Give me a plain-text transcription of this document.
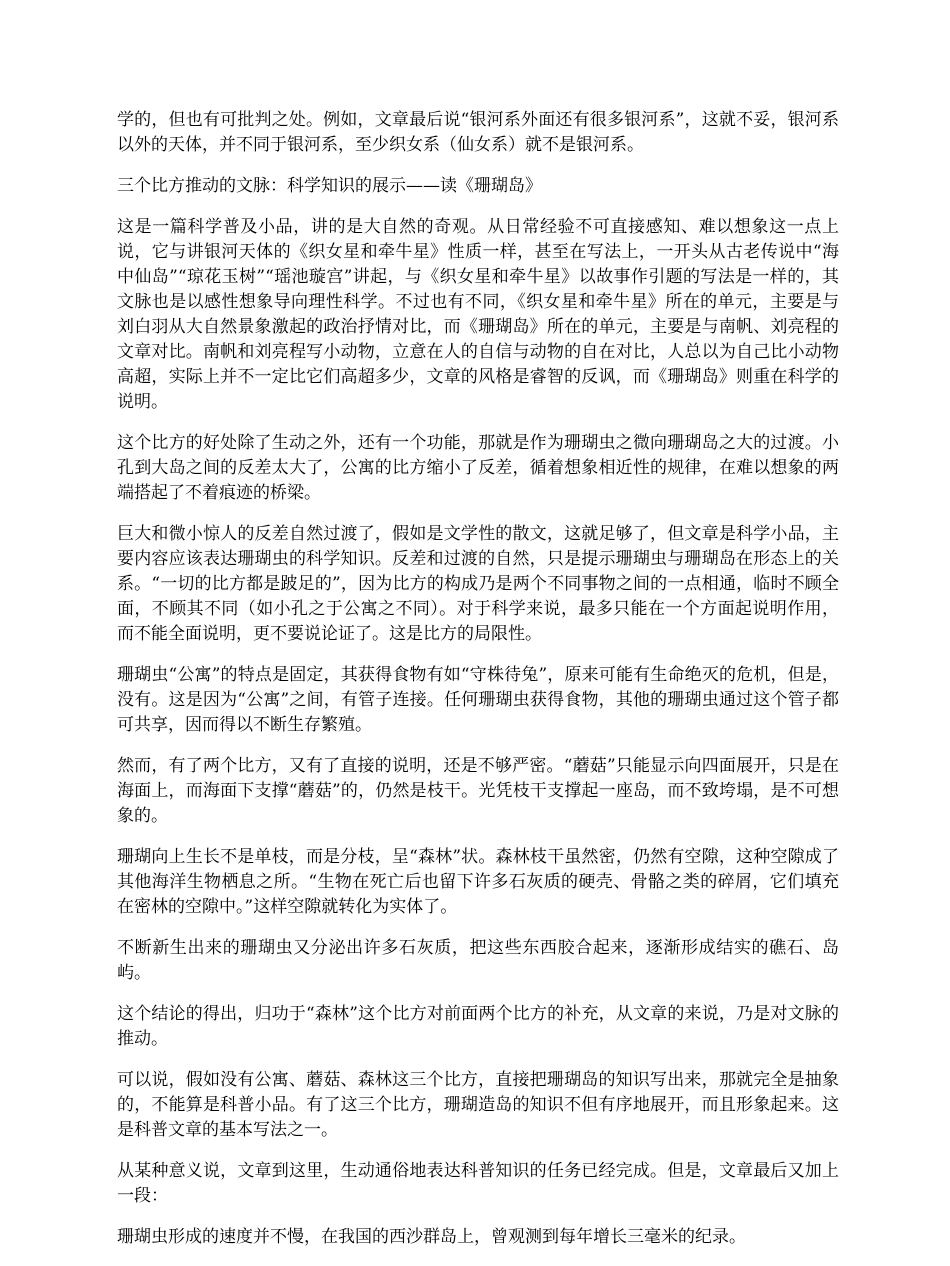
学的，但也有可批判之处。例如，文章最后说“银河系外面还有很多银河系”，这就不妥，银河系以外的天体，并不同于银河系，至少织女系（仙女系）就不是银河系。

三个比方推动的文脉：科学知识的展示——读《珊瑚岛》

这是一篇科学普及小品，讲的是大自然的奇观。从日常经验不可直接感知、难以想象这一点上说，它与讲银河天体的《织女星和牵牛星》性质一样，甚至在写法上，一开头从古老传说中“海中仙岛”“琼花玉树”“瑶池璇宫”讲起，与《织女星和牵牛星》以故事作引题的写法是一样的，其文脉也是以感性想象导向理性科学。不过也有不同，《织女星和牵牛星》所在的单元，主要是与刘白羽从大自然景象激起的政治抒情对比，而《珊瑚岛》所在的单元，主要是与南帆、刘亮程的文章对比。南帆和刘亮程写小动物，立意在人的自信与动物的自在对比，人总以为自己比小动物高超，实际上并不一定比它们高超多少，文章的风格是睿智的反讽，而《珊瑚岛》则重在科学的说明。

这个比方的好处除了生动之外，还有一个功能，那就是作为珊瑚虫之微向珊瑚岛之大的过渡。小孔到大岛之间的反差太大了，公寓的比方缩小了反差，循着想象相近性的规律，在难以想象的两端搭起了不着痕迹的桥梁。

巨大和微小惊人的反差自然过渡了，假如是文学性的散文，这就足够了，但文章是科学小品，主要内容应该表达珊瑚虫的科学知识。反差和过渡的自然，只是提示珊瑚虫与珊瑚岛在形态上的关系。“一切的比方都是跛足的”，因为比方的构成乃是两个不同事物之间的一点相通，临时不顾全面，不顾其不同（如小孔之于公寓之不同）。对于科学来说，最多只能在一个方面起说明作用，而不能全面说明，更不要说论证了。这是比方的局限性。

珊瑚虫“公寓”的特点是固定，其获得食物有如“守株待兔”，原来可能有生命绝灭的危机，但是，没有。这是因为“公寓”之间，有管子连接。任何珊瑚虫获得食物，其他的珊瑚虫通过这个管子都可共享，因而得以不断生存繁殖。

然而，有了两个比方，又有了直接的说明，还是不够严密。“蘑菇”只能显示向四面展开，只是在海面上，而海面下支撑“蘑菇”的，仍然是枝干。光凭枝干支撑起一座岛，而不致垮塌，是不可想象的。

珊瑚向上生长不是单枝，而是分枝，呈“森林”状。森林枝干虽然密，仍然有空隙，这种空隙成了其他海洋生物栖息之所。“生物在死亡后也留下许多石灰质的硬壳、骨骼之类的碎屑，它们填充在密林的空隙中。”这样空隙就转化为实体了。

不断新生出来的珊瑚虫又分泌出许多石灰质，把这些东西胶合起来，逐渐形成结实的礁石、岛屿。

这个结论的得出，归功于“森林”这个比方对前面两个比方的补充，从文章的来说，乃是对文脉的推动。

可以说，假如没有公寓、蘑菇、森林这三个比方，直接把珊瑚岛的知识写出来，那就完全是抽象的，不能算是科普小品。有了这三个比方，珊瑚造岛的知识不但有序地展开，而且形象起来。这是科普文章的基本写法之一。

从某种意义说，文章到这里，生动通俗地表达科普知识的任务已经完成。但是，文章最后又加上一段：

珊瑚虫形成的速度并不慢，在我国的西沙群岛上，曾观测到每年增长三毫米的纪录。
